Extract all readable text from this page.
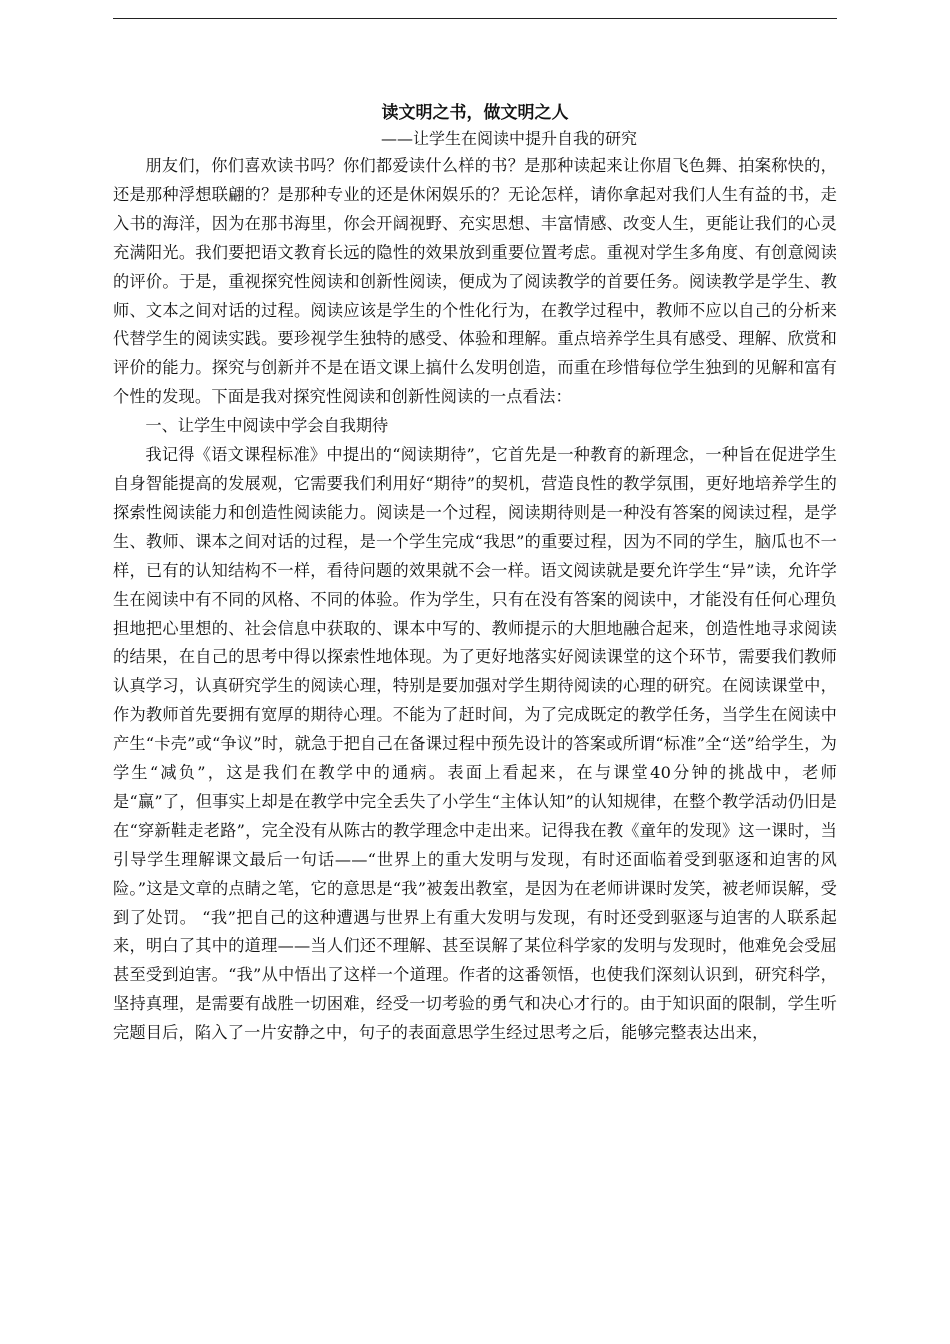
读文明之书，做文明之人

——让学生在阅读中提升自我的研究

朋友们，你们喜欢读书吗？你们都爱读什么样的书？是那种读起来让你眉飞色舞、拍案称快的，还是那种浮想联翩的？是那种专业的还是休闲娱乐的？无论怎样，请你拿起对我们人生有益的书，走入书的海洋，因为在那书海里，你会开阔视野、充实思想、丰富情感、改变人生，更能让我们的心灵充满阳光。我们要把语文教育长远的隐性的效果放到重要位置考虑。重视对学生多角度、有创意阅读的评价。于是，重视探究性阅读和创新性阅读，便成为了阅读教学的首要任务。阅读教学是学生、教师、文本之间对话的过程。阅读应该是学生的个性化行为，在教学过程中，教师不应以自己的分析来代替学生的阅读实践。要珍视学生独特的感受、体验和理解。重点培养学生具有感受、理解、欣赏和评价的能力。探究与创新并不是在语文课上搞什么发明创造，而重在珍惜每位学生独到的见解和富有个性的发现。下面是我对探究性阅读和创新性阅读的一点看法：

一、让学生中阅读中学会自我期待

我记得《语文课程标准》中提出的“阅读期待”，它首先是一种教育的新理念，一种旨在促进学生自身智能提高的发展观，它需要我们利用好“期待”的契机，营造良性的教学氛围，更好地培养学生的探索性阅读能力和创造性阅读能力。阅读是一个过程，阅读期待则是一种没有答案的阅读过程，是学生、教师、课本之间对话的过程，是一个学生完成“我思”的重要过程，因为不同的学生，脑瓜也不一样，已有的认知结构不一样，看待问题的效果就不会一样。语文阅读就是要允许学生“异”读，允许学生在阅读中有不同的风格、不同的体验。作为学生，只有在没有答案的阅读中，才能没有任何心理负担地把心里想的、社会信息中获取的、课本中写的、教师提示的大胆地融合起来，创造性地寻求阅读的结果，在自己的思考中得以探索性地体现。为了更好地落实好阅读课堂的这个环节，需要我们教师认真学习，认真研究学生的阅读心理，特别是要加强对学生期待阅读的心理的研究。在阅读课堂中，作为教师首先要拥有宽厚的期待心理。不能为了赶时间，为了完成既定的教学任务，当学生在阅读中产生“卡壳”或“争议”时，就急于把自己在备课过程中预先设计的答案或所谓“标准”全“送”给学生，为学生“减负”，这是我们在教学中的通病。表面上看起来，在与课堂40分钟的挑战中，老师是“赢”了，但事实上却是在教学中完全丢失了小学生“主体认知”的认知规律，在整个教学活动仍旧是在“穿新鞋走老路”，完全没有从陈古的教学理念中走出来。记得我在教《童年的发现》这一课时，当引导学生理解课文最后一句话——“世界上的重大发明与发现，有时还面临着受到驱逐和迫害的风险。”这是文章的点睛之笔，它的意思是“我”被轰出教室，是因为在老师讲课时发笑，被老师误解，受到了处罚。 “我”把自己的这种遭遇与世界上有重大发明与发现，有时还受到驱逐与迫害的人联系起来，明白了其中的道理——当人们还不理解、甚至误解了某位科学家的发明与发现时，他难免会受屈甚至受到迫害。“我”从中悟出了这样一个道理。作者的这番领悟，也使我们深刻认识到，研究科学，坚持真理，是需要有战胜一切困难，经受一切考验的勇气和决心才行的。由于知识面的限制，学生听完题目后，陷入了一片安静之中，句子的表面意思学生经过思考之后，能够完整表达出来，
